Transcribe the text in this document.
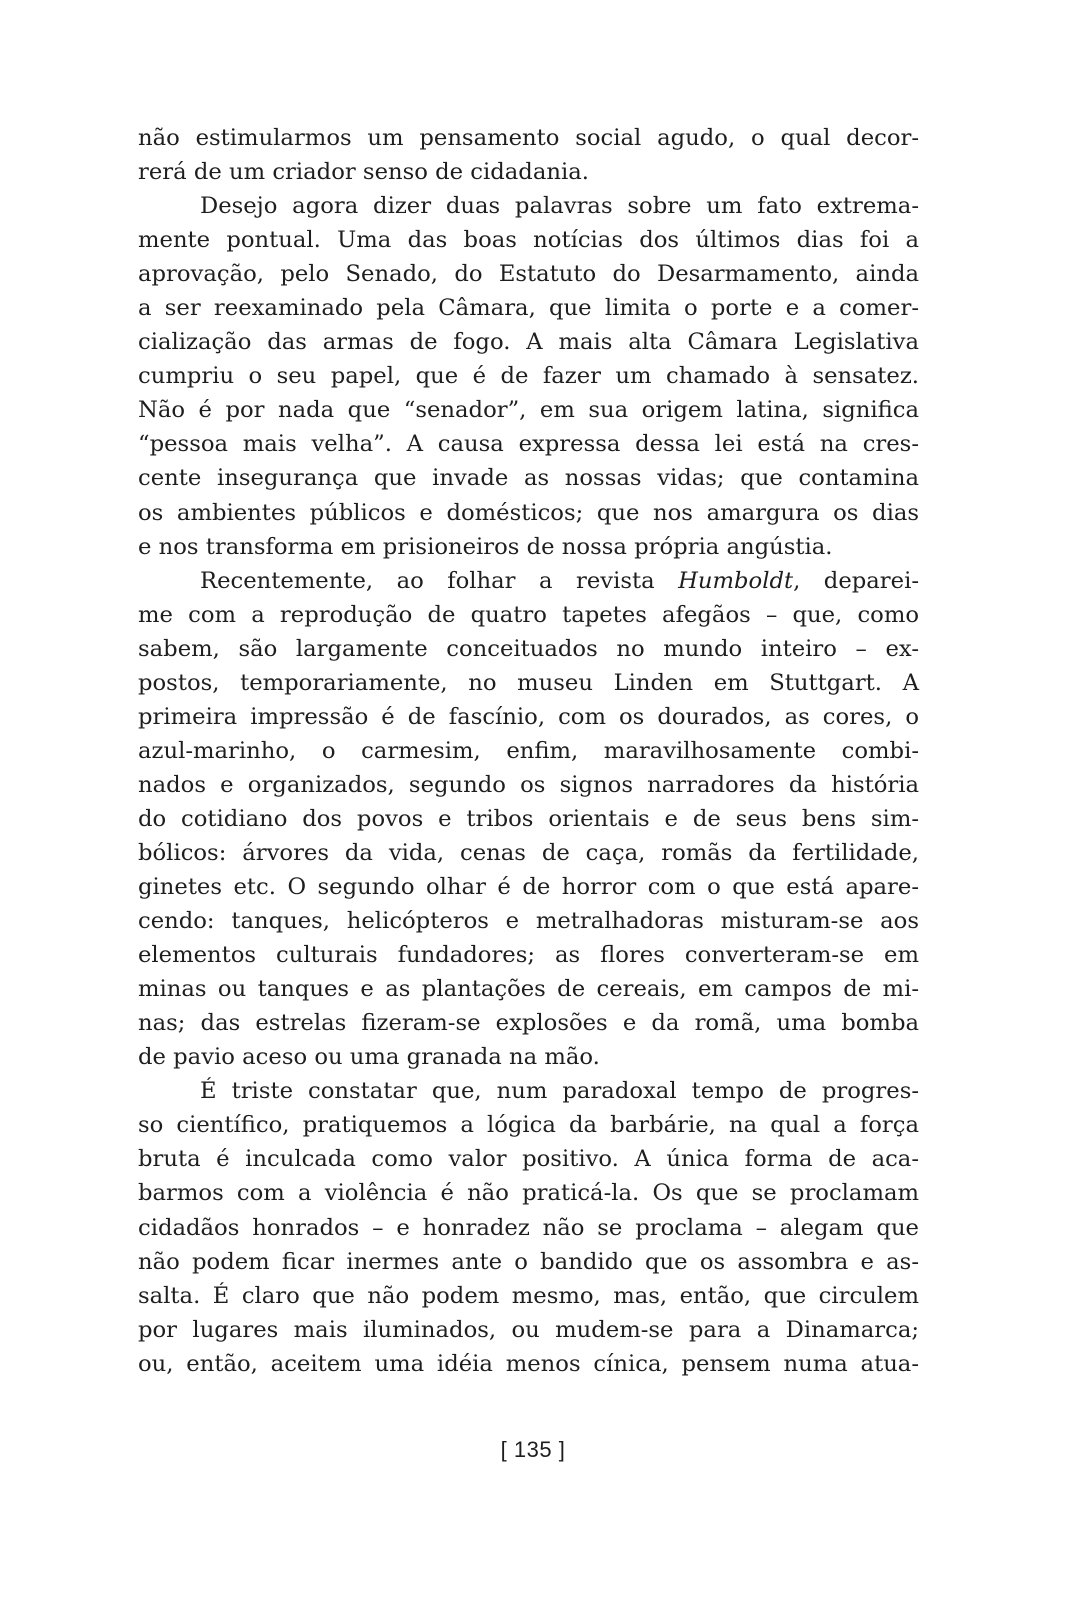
não estimularmos um pensamento social agudo, o qual decor-
rerá de um criador senso de cidadania.
Desejo agora dizer duas palavras sobre um fato extrema-
mente pontual. Uma das boas notícias dos últimos dias foi a
aprovação, pelo Senado, do Estatuto do Desarmamento, ainda
a ser reexaminado pela Câmara, que limita o porte e a comer-
cialização das armas de fogo. A mais alta Câmara Legislativa
cumpriu o seu papel, que é de fazer um chamado à sensatez.
Não é por nada que “senador”, em sua origem latina, significa
“pessoa mais velha”. A causa expressa dessa lei está na cres-
cente insegurança que invade as nossas vidas; que contamina
os ambientes públicos e domésticos; que nos amargura os dias
e nos transforma em prisioneiros de nossa própria angústia.
Recentemente, ao folhar a revista Humboldt, deparei-
me com a reprodução de quatro tapetes afegãos – que, como
sabem, são largamente conceituados no mundo inteiro – ex-
postos, temporariamente, no museu Linden em Stuttgart. A
primeira impressão é de fascínio, com os dourados, as cores, o
azul-marinho, o carmesim, enfim, maravilhosamente combi-
nados e organizados, segundo os signos narradores da história
do cotidiano dos povos e tribos orientais e de seus bens sim-
bólicos: árvores da vida, cenas de caça, romãs da fertilidade,
ginetes etc. O segundo olhar é de horror com o que está apare-
cendo: tanques, helicópteros e metralhadoras misturam-se aos
elementos culturais fundadores; as flores converteram-se em
minas ou tanques e as plantações de cereais, em campos de mi-
nas; das estrelas fizeram-se explosões e da romã, uma bomba
de pavio aceso ou uma granada na mão.
É triste constatar que, num paradoxal tempo de progres-
so científico, pratiquemos a lógica da barbárie, na qual a força
bruta é inculcada como valor positivo. A única forma de aca-
barmos com a violência é não praticá-la. Os que se proclamam
cidadãos honrados – e honradez não se proclama – alegam que
não podem ficar inermes ante o bandido que os assombra e as-
salta. É claro que não podem mesmo, mas, então, que circulem
por lugares mais iluminados, ou mudem-se para a Dinamarca;
ou, então, aceitem uma idéia menos cínica, pensem numa atua-
[ 135 ]
